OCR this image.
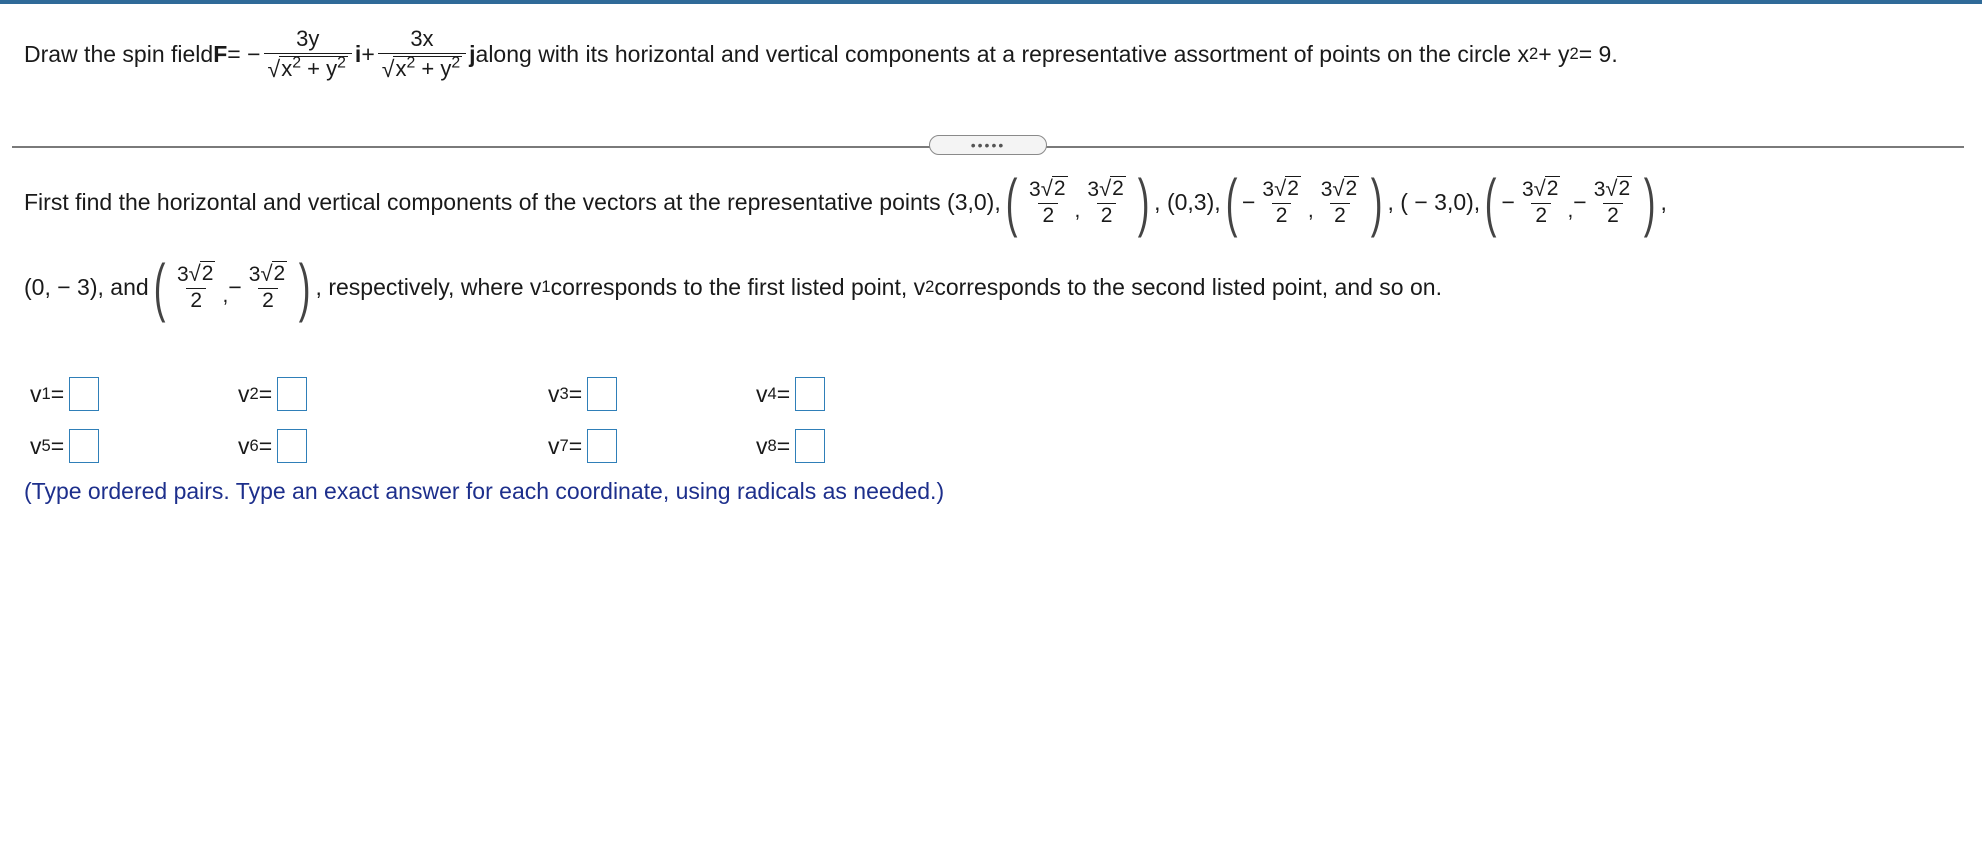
Draw the spin field F = − $\frac{3y}{√ x^2 + y^2}$ $i + \frac{3x}{√ x^2 + y^2}$ j along with its horizontal and vertical components at a representative assortment of points on the circle x 2 + y 2 = 9.
•••••
First find the horizontal and vertical components of the vectors at the representative points (3,0), ( $\frac{3 √ 2}{2}$ , $\frac{3 √ 2}{2}$ ) , (0,3), ( − $\frac{3 √ 2}{2}$ , $\frac{3 √ 2}{2}$ ) , ( − 3,0), ( − $\frac{3 √ 2}{2}$ , − $\frac{3 √ 2}{2}$ ) ,
(0, − 3), and ( $\frac{3 √ 2}{2}$ , − $\frac{3 √ 2}{2}$ ) , respectively, where v 1 corresponds to the first listed point, v 2 corresponds to the second listed point, and so on.
v 1 =	v 2 =	v 3 =	v 4 =
v 5 =	v 6 =	v 7 =	v 8 =
(Type ordered pairs. Type an exact answer for each coordinate, using radicals as needed.)
